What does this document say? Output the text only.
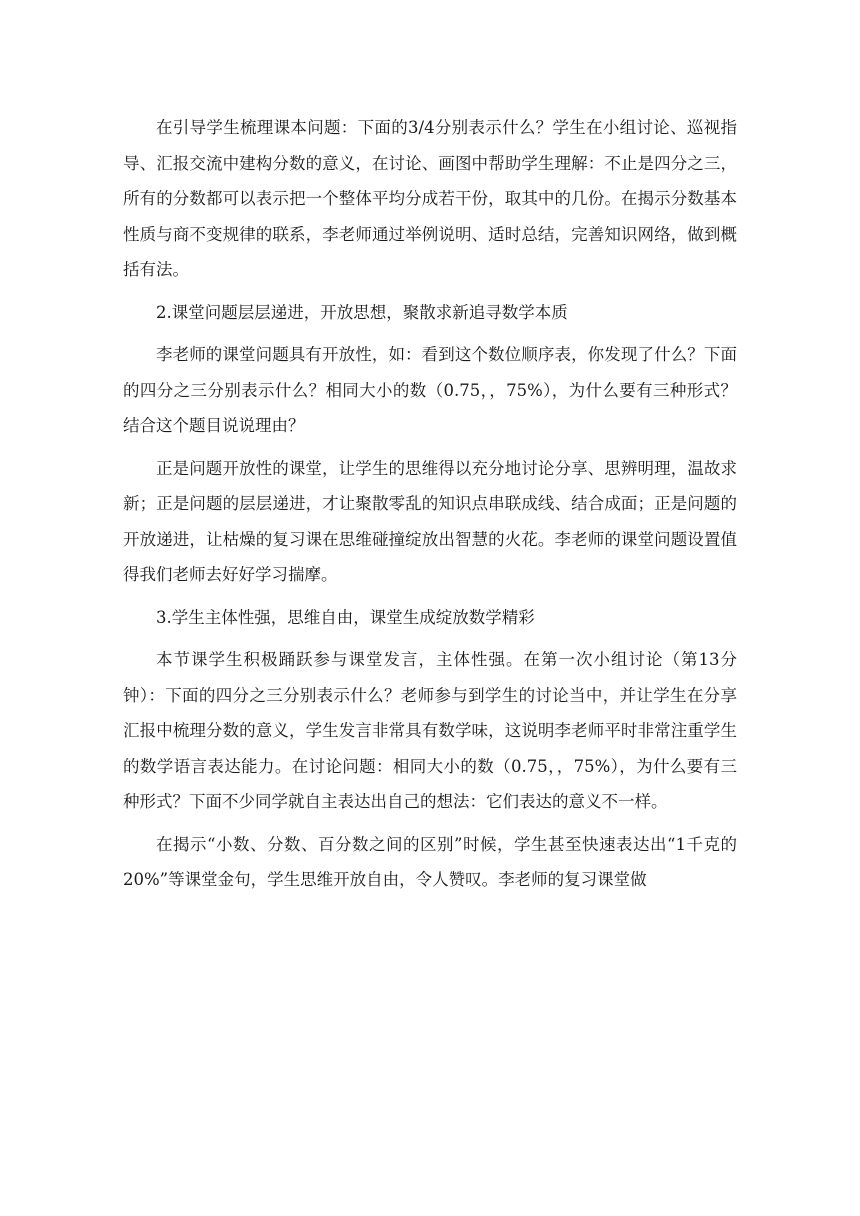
在引导学生梳理课本问题：下面的3/4分别表示什么？学生在小组讨论、巡视指导、汇报交流中建构分数的意义，在讨论、画图中帮助学生理解：不止是四分之三，所有的分数都可以表示把一个整体平均分成若干份，取其中的几份。在揭示分数基本性质与商不变规律的联系，李老师通过举例说明、适时总结，完善知识网络，做到概括有法。

2.课堂问题层层递进，开放思想，聚散求新追寻数学本质

李老师的课堂问题具有开放性，如：看到这个数位顺序表，你发现了什么？下面的四分之三分别表示什么？相同大小的数（0.75，，75%），为什么要有三种形式？结合这个题目说说理由？

正是问题开放性的课堂，让学生的思维得以充分地讨论分享、思辨明理，温故求新；正是问题的层层递进，才让聚散零乱的知识点串联成线、结合成面；正是问题的开放递进，让枯燥的复习课在思维碰撞绽放出智慧的火花。李老师的课堂问题设置值得我们老师去好好学习揣摩。

3.学生主体性强，思维自由，课堂生成绽放数学精彩

本节课学生积极踊跃参与课堂发言，主体性强。在第一次小组讨论（第13分钟）：下面的四分之三分别表示什么？老师参与到学生的讨论当中，并让学生在分享汇报中梳理分数的意义，学生发言非常具有数学味，这说明李老师平时非常注重学生的数学语言表达能力。在讨论问题：相同大小的数（0.75，，75%），为什么要有三种形式？下面不少同学就自主表达出自己的想法：它们表达的意义不一样。

在揭示“小数、分数、百分数之间的区别”时候，学生甚至快速表达出“1千克的20%”等课堂金句，学生思维开放自由，令人赞叹。李老师的复习课堂做
